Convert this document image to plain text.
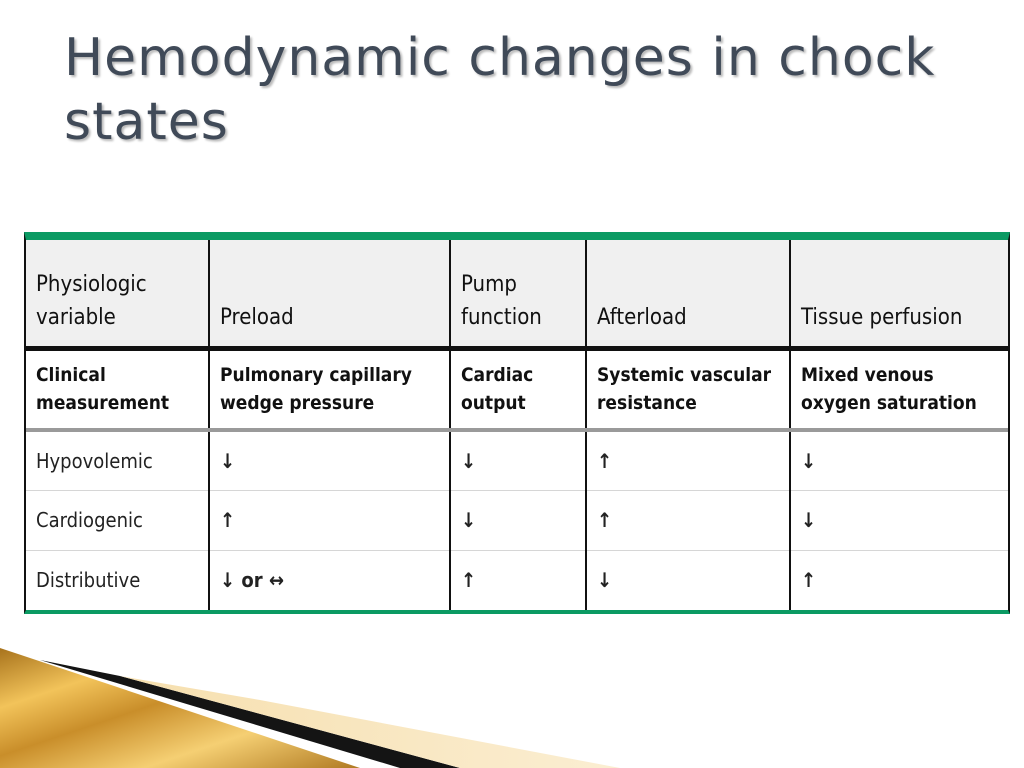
Hemodynamic changes in chock states
Physiologic variable	Preload	Pump function	Afterload	Tissue perfusion
Clinical measurement	Pulmonary capillary wedge pressure	Cardiac output	Systemic vascular resistance	Mixed venous oxygen saturation
Hypovolemic	↓	↓	↑	↓
Cardiogenic	↑	↓	↑	↓
Distributive	↓ or ↔	↑	↓	↑
